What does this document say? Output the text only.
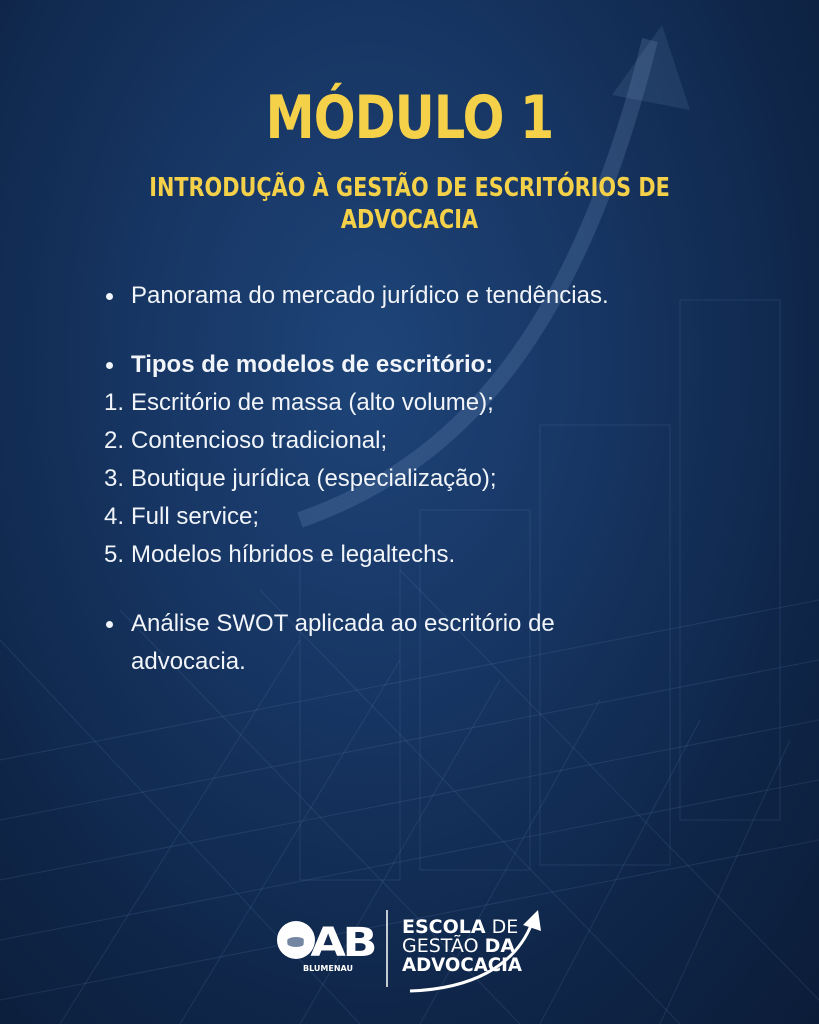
MÓDULO 1
INTRODUÇÃO À GESTÃO DE ESCRITÓRIOS DE ADVOCACIA
Panorama do mercado jurídico e tendências.
Tipos de modelos de escritório:
1. Escritório de massa (alto volume);
2. Contencioso tradicional;
3. Boutique jurídica (especialização);
4. Full service;
5. Modelos híbridos e legaltechs.
Análise SWOT aplicada ao escritório de
advocacia.
OAB
BLUMENAU
ESCOLA DE
GESTÃO DA
ADVOCACIA
